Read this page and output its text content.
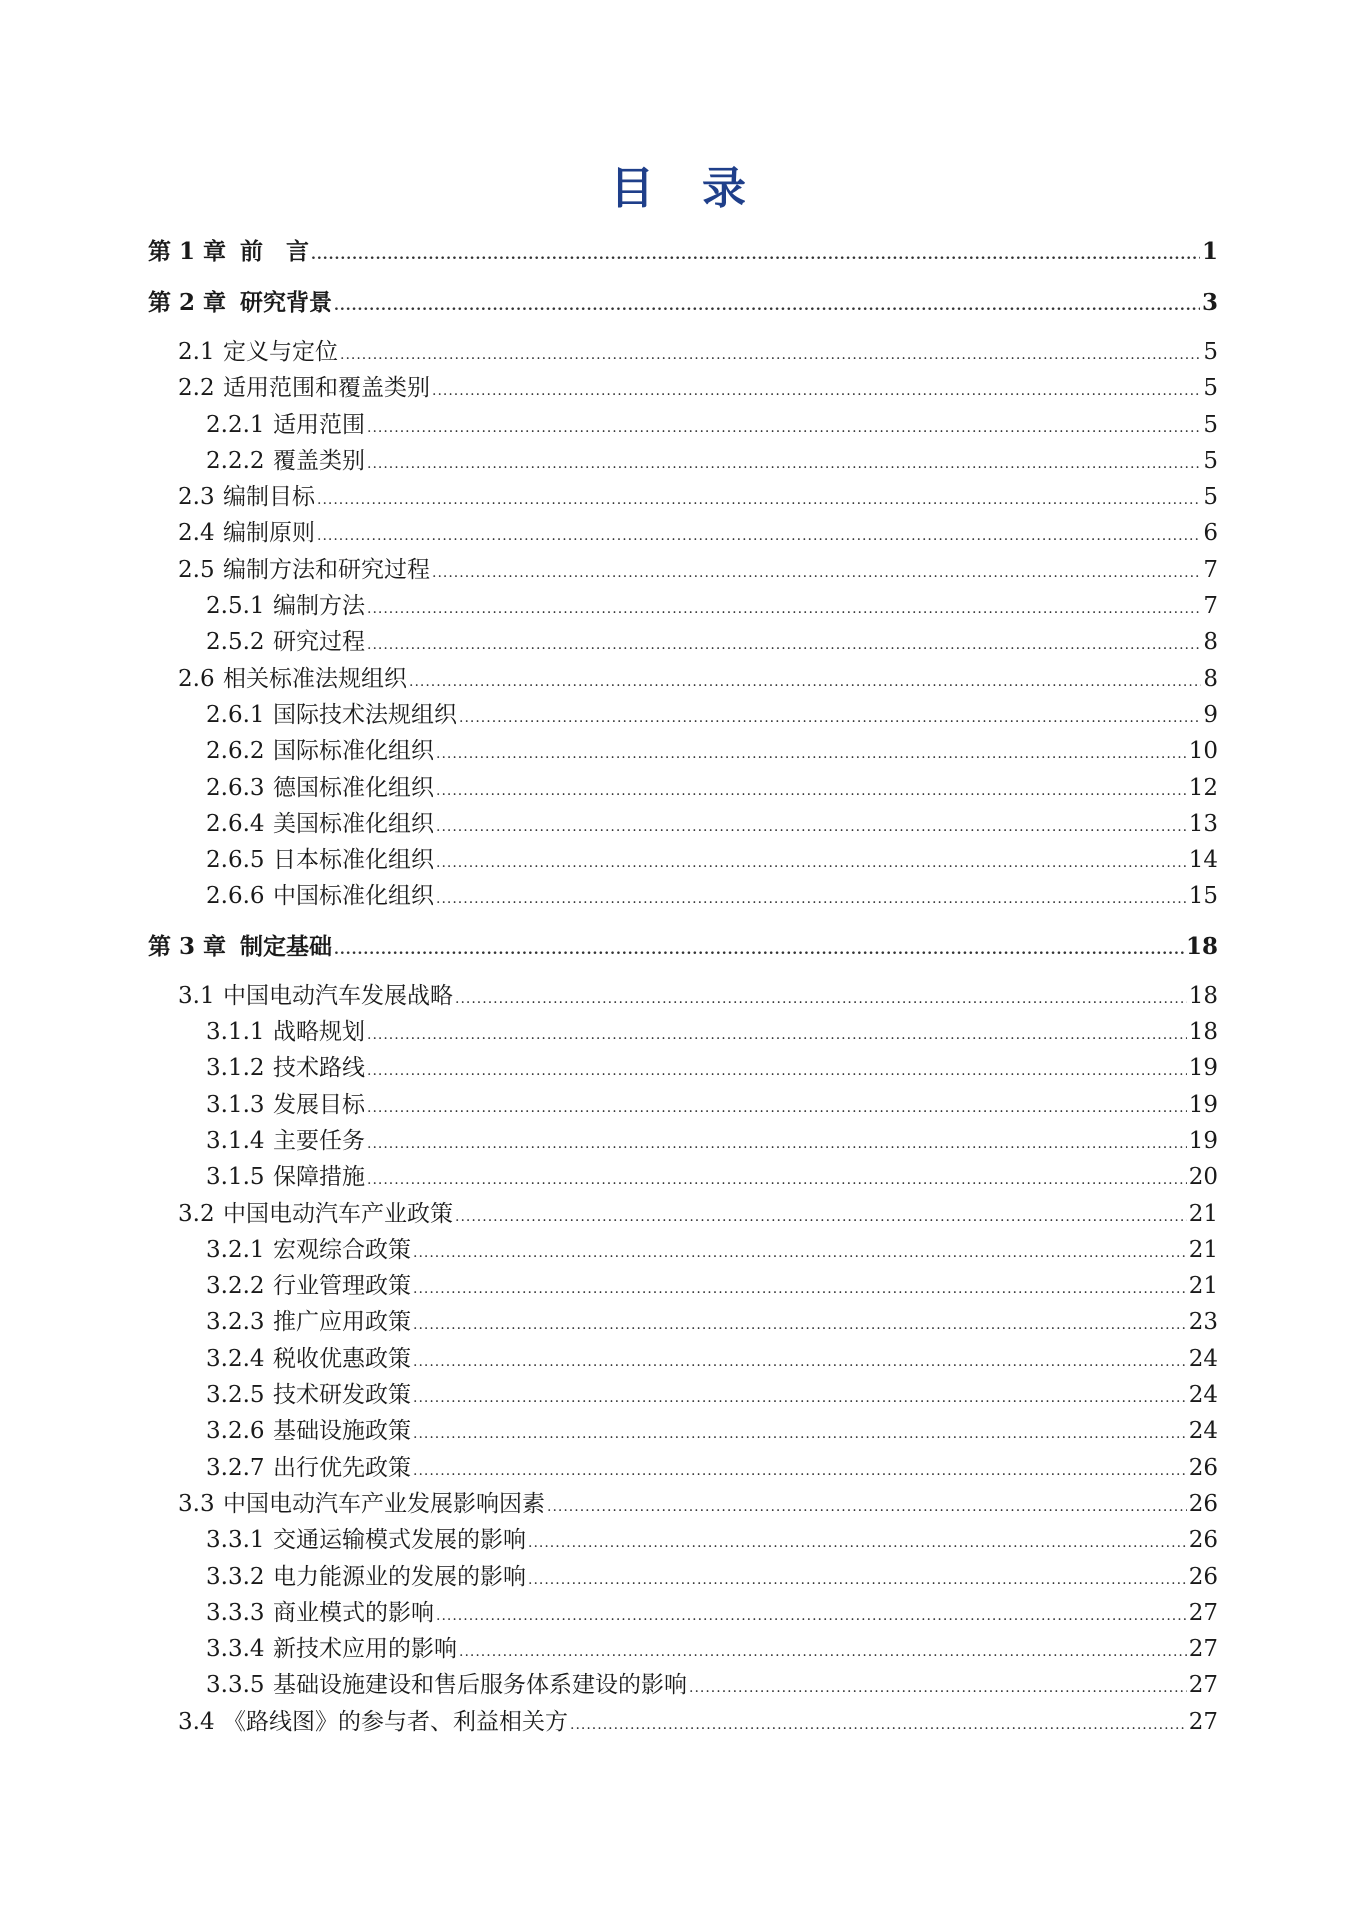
目　录
第 1 章 前　言 .....	1
第 2 章 研究背景 .....	3
2.1 定义与定位 .....	5
2.2 适用范围和覆盖类别 .....	5
2.2.1 适用范围 .....	5
2.2.2 覆盖类别 .....	5
2.3 编制目标 .....	5
2.4 编制原则 .....	6
2.5 编制方法和研究过程 .....	7
2.5.1 编制方法 .....	7
2.5.2 研究过程 .....	8
2.6 相关标准法规组织 .....	8
2.6.1 国际技术法规组织 .....	9
2.6.2 国际标准化组织 .....	10
2.6.3 德国标准化组织 .....	12
2.6.4 美国标准化组织 .....	13
2.6.5 日本标准化组织 .....	14
2.6.6 中国标准化组织 .....	15
第 3 章 制定基础 .....	18
3.1 中国电动汽车发展战略 .....	18
3.1.1 战略规划 .....	18
3.1.2 技术路线 .....	19
3.1.3 发展目标 .....	19
3.1.4 主要任务 .....	19
3.1.5 保障措施 .....	20
3.2 中国电动汽车产业政策 .....	21
3.2.1 宏观综合政策 .....	21
3.2.2 行业管理政策 .....	21
3.2.3 推广应用政策 .....	23
3.2.4 税收优惠政策 .....	24
3.2.5 技术研发政策 .....	24
3.2.6 基础设施政策 .....	24
3.2.7 出行优先政策 .....	26
3.3 中国电动汽车产业发展影响因素 .....	26
3.3.1 交通运输模式发展的影响 .....	26
3.3.2 电力能源业的发展的影响 .....	26
3.3.3 商业模式的影响 .....	27
3.3.4 新技术应用的影响 .....	27
3.3.5 基础设施建设和售后服务体系建设的影响 .....	27
3.4 《路线图》的参与者、利益相关方 .....	27
